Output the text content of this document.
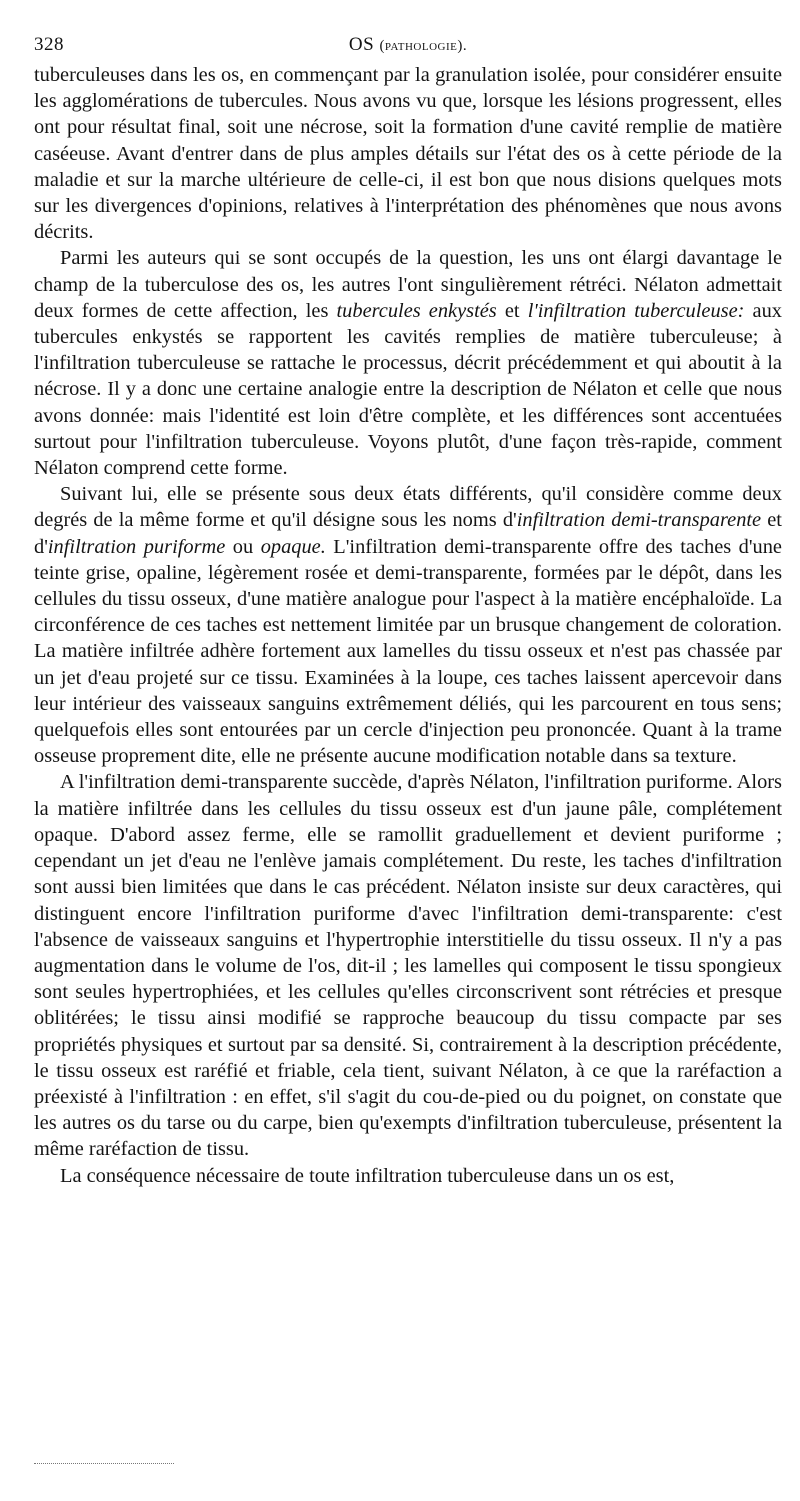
328	OS (pathologie).

tuberculeuses dans les os, en commençant par la granulation isolée, pour considérer ensuite les agglomérations de tubercules. Nous avons vu que, lorsque les lésions progressent, elles ont pour résultat final, soit une nécrose, soit la formation d'une cavité remplie de matière caséeuse. Avant d'entrer dans de plus amples détails sur l'état des os à cette période de la maladie et sur la marche ultérieure de celle-ci, il est bon que nous disions quelques mots sur les divergences d'opinions, relatives à l'interprétation des phénomènes que nous avons décrits.

Parmi les auteurs qui se sont occupés de la question, les uns ont élargi davantage le champ de la tuberculose des os, les autres l'ont singulièrement rétréci. Nélaton admettait deux formes de cette affection, les tubercules enkystés et l'infiltration tuberculeuse: aux tubercules enkystés se rapportent les cavités remplies de matière tuberculeuse; à l'infiltration tuberculeuse se rattache le processus, décrit précédemment et qui aboutit à la nécrose. Il y a donc une certaine analogie entre la description de Nélaton et celle que nous avons donnée: mais l'identité est loin d'être complète, et les différences sont accentuées surtout pour l'infiltration tuberculeuse. Voyons plutôt, d'une façon très-rapide, comment Nélaton comprend cette forme.

Suivant lui, elle se présente sous deux états différents, qu'il considère comme deux degrés de la même forme et qu'il désigne sous les noms d'infiltration demi-transparente et d'infiltration puriforme ou opaque. L'infiltration demi-transparente offre des taches d'une teinte grise, opaline, légèrement rosée et demi-transparente, formées par le dépôt, dans les cellules du tissu osseux, d'une matière analogue pour l'aspect à la matière encéphaloïde. La circonférence de ces taches est nettement limitée par un brusque changement de coloration. La matière infiltrée adhère fortement aux lamelles du tissu osseux et n'est pas chassée par un jet d'eau projeté sur ce tissu. Examinées à la loupe, ces taches laissent apercevoir dans leur intérieur des vaisseaux sanguins extrêmement déliés, qui les parcourent en tous sens; quelquefois elles sont entourées par un cercle d'injection peu prononcée. Quant à la trame osseuse proprement dite, elle ne présente aucune modification notable dans sa texture.

A l'infiltration demi-transparente succède, d'après Nélaton, l'infiltration puriforme. Alors la matière infiltrée dans les cellules du tissu osseux est d'un jaune pâle, complétement opaque. D'abord assez ferme, elle se ramollit graduellement et devient puriforme ; cependant un jet d'eau ne l'enlève jamais complétement. Du reste, les taches d'infiltration sont aussi bien limitées que dans le cas précédent. Nélaton insiste sur deux caractères, qui distinguent encore l'infiltration puriforme d'avec l'infiltration demi-transparente: c'est l'absence de vaisseaux sanguins et l'hypertrophie interstitielle du tissu osseux. Il n'y a pas augmentation dans le volume de l'os, dit-il ; les lamelles qui composent le tissu spongieux sont seules hypertrophiées, et les cellules qu'elles circonscrivent sont rétrécies et presque oblitérées; le tissu ainsi modifié se rapproche beaucoup du tissu compacte par ses propriétés physiques et surtout par sa densité. Si, contrairement à la description précédente, le tissu osseux est raréfié et friable, cela tient, suivant Nélaton, à ce que la raréfaction a préexisté à l'infiltration : en effet, s'il s'agit du cou-de-pied ou du poignet, on constate que les autres os du tarse ou du carpe, bien qu'exempts d'infiltration tuberculeuse, présentent la même raréfaction de tissu.

La conséquence nécessaire de toute infiltration tuberculeuse dans un os est,
